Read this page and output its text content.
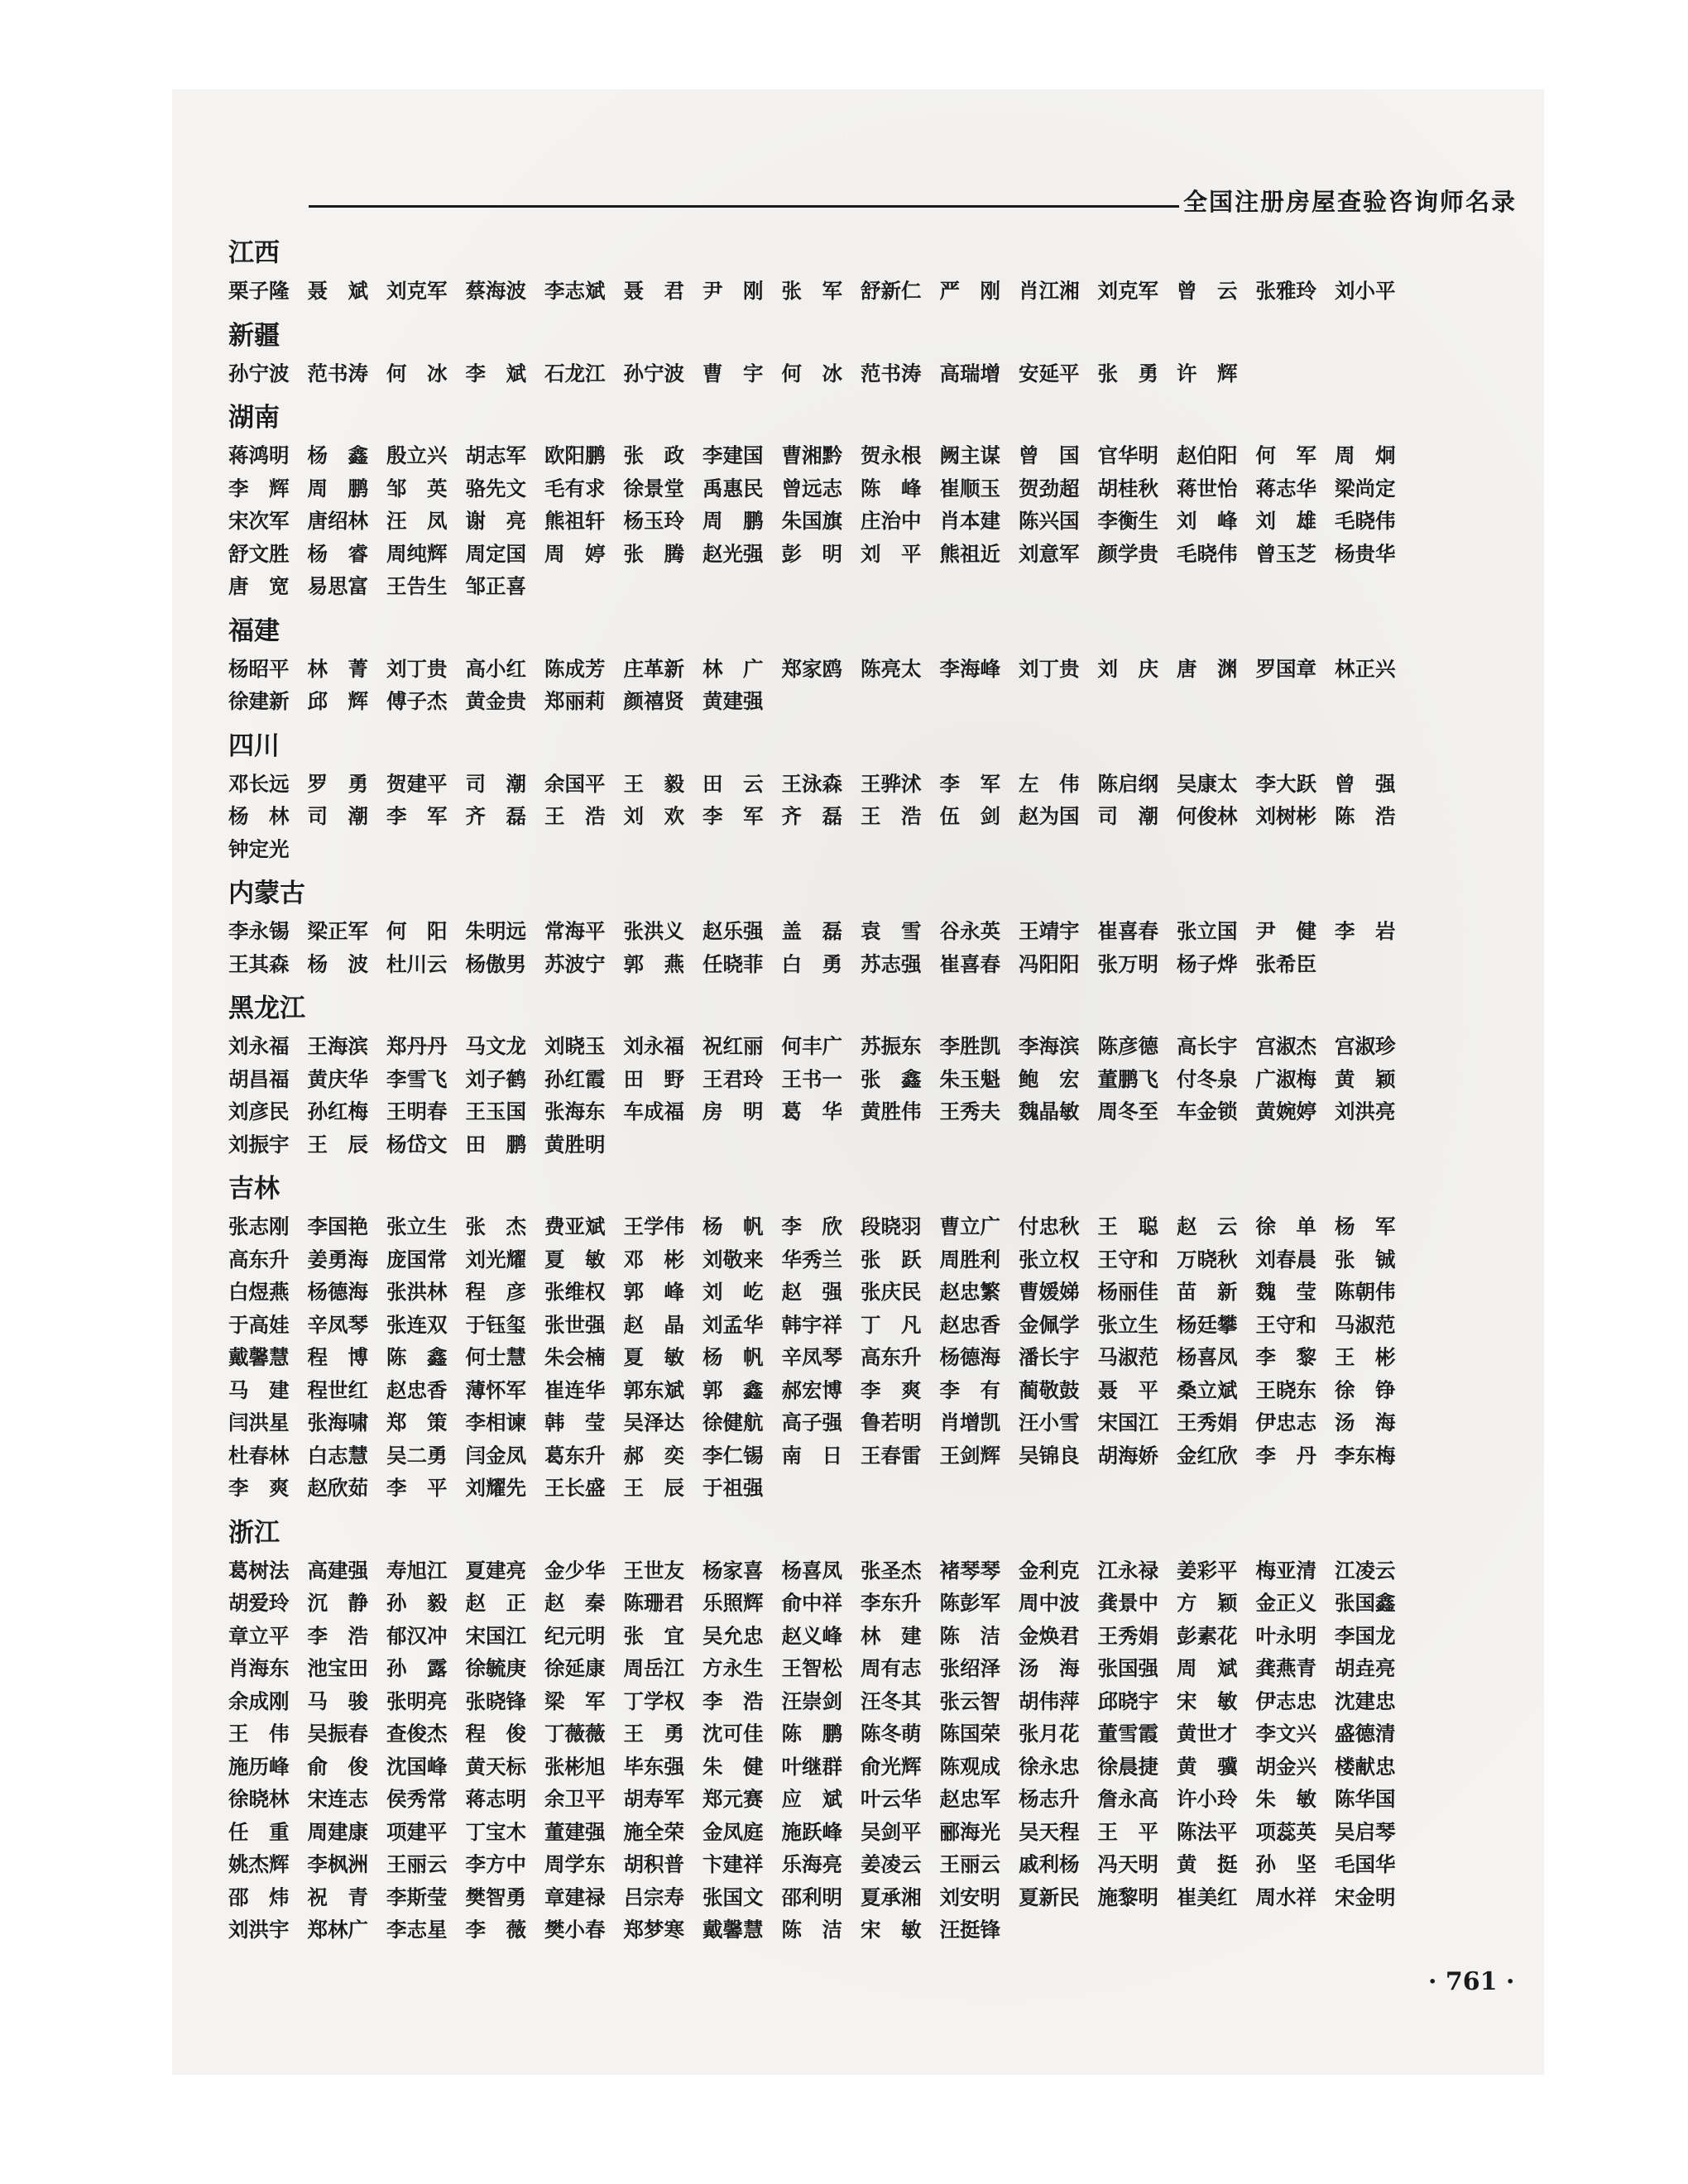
全国注册房屋查验咨询师名录
江西
栗子隆 聂　斌 刘克军 蔡海波 李志斌 聂　君 尹　刚 张　军 舒新仁 严　刚 肖江湘 刘克军 曾　云 张雅玲 刘小平
新疆
孙宁波 范书涛 何　冰 李　斌 石龙江 孙宁波 曹　宇 何　冰 范书涛 高瑞增 安延平 张　勇 许　辉
湖南
蒋鸿明 杨　鑫 殷立兴 胡志军 欧阳鹏 张　政 李建国 曹湘黔 贺永根 阙主谋 曾　国 官华明 赵伯阳 何　军 周　炯
李　辉 周　鹏 邹　英 骆先文 毛有求 徐景堂 禹惠民 曾远志 陈　峰 崔顺玉 贺劲超 胡桂秋 蒋世怡 蒋志华 梁尚定
宋次军 唐绍林 汪　凤 谢　亮 熊祖轩 杨玉玲 周　鹏 朱国旗 庄治中 肖本建 陈兴国 李衡生 刘　峰 刘　雄 毛晓伟
舒文胜 杨　睿 周纯辉 周定国 周　婷 张　腾 赵光强 彭　明 刘　平 熊祖近 刘意军 颜学贵 毛晓伟 曾玉芝 杨贵华
唐　宽 易思富 王告生 邹正喜
福建
杨昭平 林　菁 刘丁贵 高小红 陈成芳 庄革新 林　广 郑家鸥 陈亮太 李海峰 刘丁贵 刘　庆 唐　渊 罗国章 林正兴
徐建新 邱　辉 傅子杰 黄金贵 郑丽莉 颜禧贤 黄建强
四川
邓长远 罗　勇 贺建平 司　潮 余国平 王　毅 田　云 王泳森 王骅沭 李　军 左　伟 陈启纲 吴康太 李大跃 曾　强
杨　林 司　潮 李　军 齐　磊 王　浩 刘　欢 李　军 齐　磊 王　浩 伍　剑 赵为国 司　潮 何俊林 刘树彬 陈　浩
钟定光
内蒙古
李永锡 梁正军 何　阳 朱明远 常海平 张洪义 赵乐强 盖　磊 袁　雪 谷永英 王靖宇 崔喜春 张立国 尹　健 李　岩
王其森 杨　波 杜川云 杨傲男 苏波宁 郭　燕 任晓菲 白　勇 苏志强 崔喜春 冯阳阳 张万明 杨子烨 张希臣
黑龙江
刘永福 王海滨 郑丹丹 马文龙 刘晓玉 刘永福 祝红丽 何丰广 苏振东 李胜凯 李海滨 陈彦德 高长宇 宫淑杰 宫淑珍
胡昌福 黄庆华 李雪飞 刘子鹤 孙红霞 田　野 王君玲 王书一 张　鑫 朱玉魁 鲍　宏 董鹏飞 付冬泉 广淑梅 黄　颖
刘彦民 孙红梅 王明春 王玉国 张海东 车成福 房　明 葛　华 黄胜伟 王秀夫 魏晶敏 周冬至 车金锁 黄婉婷 刘洪亮
刘振宇 王　辰 杨岱文 田　鹏 黄胜明
吉林
张志刚 李国艳 张立生 张　杰 费亚斌 王学伟 杨　帆 李　欣 段晓羽 曹立广 付忠秋 王　聪 赵　云 徐　单 杨　军
高东升 姜勇海 庞国常 刘光耀 夏　敏 邓　彬 刘敬来 华秀兰 张　跃 周胜利 张立权 王守和 万晓秋 刘春晨 张　铖
白煜燕 杨德海 张洪林 程　彦 张维权 郭　峰 刘　屹 赵　强 张庆民 赵忠繁 曹媛娣 杨丽佳 苗　新 魏　莹 陈朝伟
于高娃 辛凤琴 张连双 于钰玺 张世强 赵　晶 刘孟华 韩宇祥 丁　凡 赵忠香 金佩学 张立生 杨廷攀 王守和 马淑范
戴馨慧 程　博 陈　鑫 何士慧 朱会楠 夏　敏 杨　帆 辛凤琴 高东升 杨德海 潘长宇 马淑范 杨喜凤 李　黎 王　彬
马　建 程世红 赵忠香 薄怀军 崔连华 郭东斌 郭　鑫 郝宏博 李　爽 李　有 蔺敬鼓 聂　平 桑立斌 王晓东 徐　铮
闫洪星 张海啸 郑　策 李相谏 韩　莹 吴泽达 徐健航 高子强 鲁若明 肖增凯 汪小雪 宋国江 王秀娟 伊忠志 汤　海
杜春林 白志慧 吴二勇 闫金凤 葛东升 郝　奕 李仁锡 南　日 王春雷 王剑辉 吴锦良 胡海娇 金红欣 李　丹 李东梅
李　爽 赵欣茹 李　平 刘耀先 王长盛 王　辰 于祖强
浙江
葛树法 高建强 寿旭江 夏建亮 金少华 王世友 杨家喜 杨喜凤 张圣杰 褚琴琴 金利克 江永禄 姜彩平 梅亚清 江凌云
胡爱玲 沉　静 孙　毅 赵　正 赵　秦 陈珊君 乐照辉 俞中祥 李东升 陈彭军 周中波 龚景中 方　颖 金正义 张国鑫
章立平 李　浩 郁汉冲 宋国江 纪元明 张　宜 吴允忠 赵义峰 林　建 陈　洁 金焕君 王秀娟 彭素花 叶永明 李国龙
肖海东 池宝田 孙　露 徐毓庚 徐延康 周岳江 方永生 王智松 周有志 张绍泽 汤　海 张国强 周　斌 龚燕青 胡垚亮
余成刚 马　骏 张明亮 张晓锋 梁　军 丁学权 李　浩 汪崇剑 汪冬其 张云智 胡伟萍 邱晓宇 宋　敏 伊志忠 沈建忠
王　伟 吴振春 查俊杰 程　俊 丁薇薇 王　勇 沈可佳 陈　鹏 陈冬萌 陈国荣 张月花 董雪霞 黄世才 李文兴 盛德清
施历峰 俞　俊 沈国峰 黄天标 张彬旭 毕东强 朱　健 叶继群 俞光辉 陈观成 徐永忠 徐晨捷 黄　骥 胡金兴 楼献忠
徐晓林 宋连志 侯秀常 蒋志明 余卫平 胡寿军 郑元赛 应　斌 叶云华 赵忠军 杨志升 詹永高 许小玲 朱　敏 陈华国
任　重 周建康 项建平 丁宝木 董建强 施全荣 金凤庭 施跃峰 吴剑平 郦海光 吴天程 王　平 陈法平 项蕊英 吴启琴
姚杰辉 李枫洲 王丽云 李方中 周学东 胡积普 卞建祥 乐海亮 姜凌云 王丽云 戚利杨 冯天明 黄　挺 孙　坚 毛国华
邵　炜 祝　青 李斯莹 樊智勇 章建禄 吕宗寿 张国文 邵利明 夏承湘 刘安明 夏新民 施黎明 崔美红 周水祥 宋金明
刘洪宇 郑林广 李志星 李　薇 樊小春 郑梦寒 戴馨慧 陈　洁 宋　敏 汪挺锋
· 761 ·
